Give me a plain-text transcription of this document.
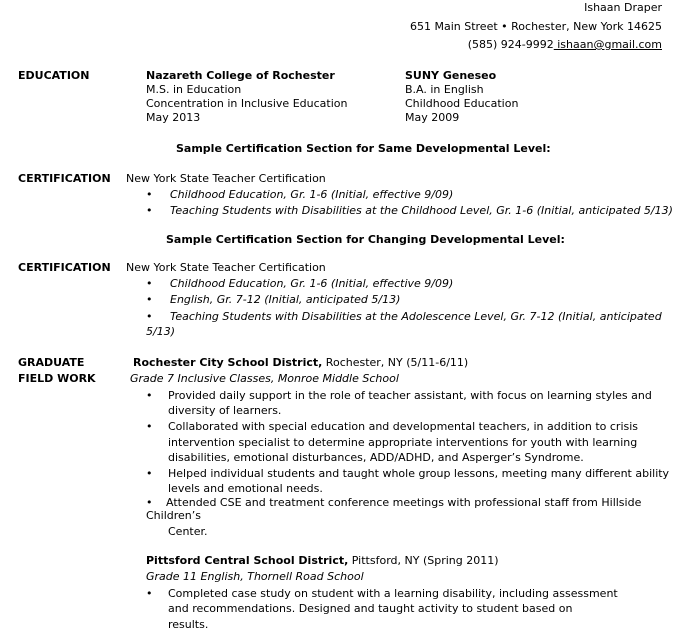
Ishaan Draper
651 Main Street • Rochester, New York 14625
(585) 924-9992 ishaan@gmail.com
EDUCATION	Nazareth College of Rochester
M.S. in Education
Concentration in Inclusive Education
May 2013
SUNY Geneseo
B.A. in English
Childhood Education
May 2009
Sample Certification Section for Same Developmental Level:
CERTIFICATION New York State Teacher Certification
• Childhood Education, Gr. 1-6 (Initial, effective 9/09)
• Teaching Students with Disabilities at the Childhood Level, Gr. 1-6 (Initial, anticipated 5/13)
Sample Certification Section for Changing Developmental Level:
CERTIFICATION New York State Teacher Certification
• Childhood Education, Gr. 1-6 (Initial, effective 9/09)
• English, Gr. 7-12 (Initial, anticipated 5/13)
• Teaching Students with Disabilities at the Adolescence Level, Gr. 7-12 (Initial, anticipated
5/13)
GRADUATE
FIELD WORK
Rochester City School District, Rochester, NY (5/11-6/11)
Grade 7 Inclusive Classes, Monroe Middle School
• Provided daily support in the role of teacher assistant, with focus on learning styles and
diversity of learners.
• Collaborated with special education and developmental teachers, in addition to crisis
intervention specialist to determine appropriate interventions for youth with learning
disabilities, emotional disturbances, ADD/ADHD, and Asperger’s Syndrome.
• Helped individual students and taught whole group lessons, meeting many different ability
levels and emotional needs.
• Attended CSE and treatment conference meetings with professional staff from Hillside
Children’s
Center.
Pittsford Central School District, Pittsford, NY (Spring 2011)
Grade 11 English, Thornell Road School
• Completed case study on student with a learning disability, including assessment
and recommendations. Designed and taught activity to student based on
results.
